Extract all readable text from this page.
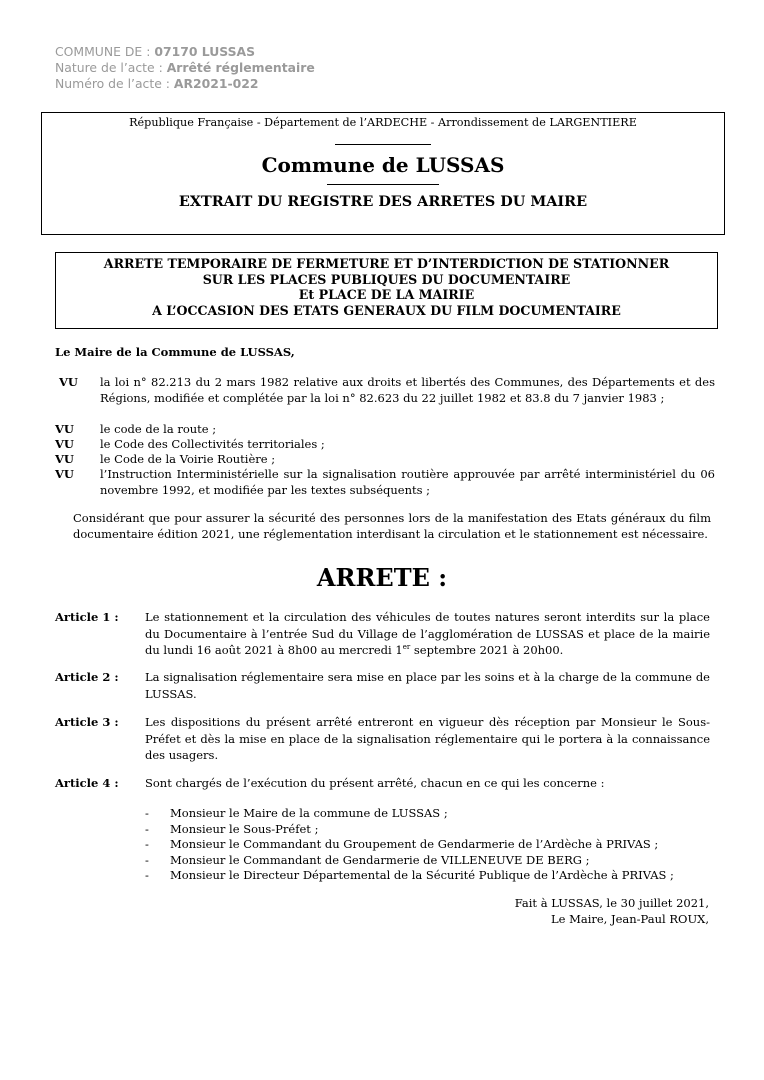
COMMUNE DE : 07170 LUSSAS
Nature de l’acte : Arrêté réglementaire
Numéro de l’acte : AR2021-022
République Française - Département de l’ARDECHE - Arrondissement de LARGENTIERE
Commune de LUSSAS
EXTRAIT DU REGISTRE DES ARRETES DU MAIRE
ARRETE TEMPORAIRE DE FERMETURE ET D’INTERDICTION DE STATIONNER
SUR LES PLACES PUBLIQUES DU DOCUMENTAIRE
Et PLACE DE LA MAIRIE
A L’OCCASION DES ETATS GENERAUX DU FILM DOCUMENTAIRE
Le Maire de la Commune de LUSSAS,
VU la loi n° 82.213 du 2 mars 1982 relative aux droits et libertés des Communes, des Départements et des Régions, modifiée et complétée par la loi n° 82.623 du 22 juillet 1982 et 83.8 du 7 janvier 1983 ;
VU le code de la route ;
VU le Code des Collectivités territoriales ;
VU le Code de la Voirie Routière ;
VU l’Instruction Interministérielle sur la signalisation routière approuvée par arrêté interministériel du 06 novembre 1992, et modifiée par les textes subséquents ;
Considérant que pour assurer la sécurité des personnes lors de la manifestation des Etats généraux du film documentaire édition 2021, une réglementation interdisant la circulation et le stationnement est nécessaire.
ARRETE :
Article 1 : Le stationnement et la circulation des véhicules de toutes natures seront interdits sur la place du Documentaire à l’entrée Sud du Village de l’agglomération de LUSSAS et place de la mairie du lundi 16 août 2021 à 8h00 au mercredi 1er septembre 2021 à 20h00.
Article 2 : La signalisation réglementaire sera mise en place par les soins et à la charge de la commune de LUSSAS.
Article 3 : Les dispositions du présent arrêté entreront en vigueur dès réception par Monsieur le Sous- Préfet et dès la mise en place de la signalisation réglementaire qui le portera à la connaissance des usagers.
Article 4 : Sont chargés de l’exécution du présent arrêté, chacun en ce qui les concerne :
- Monsieur le Maire de la commune de LUSSAS ;
- Monsieur le Sous-Préfet ;
- Monsieur le Commandant du Groupement de Gendarmerie de l’Ardèche à PRIVAS ;
- Monsieur le Commandant de Gendarmerie de VILLENEUVE DE BERG ;
- Monsieur le Directeur Départemental de la Sécurité Publique de l’Ardèche à PRIVAS ;
Fait à LUSSAS, le 30 juillet 2021,
Le Maire, Jean-Paul ROUX,
